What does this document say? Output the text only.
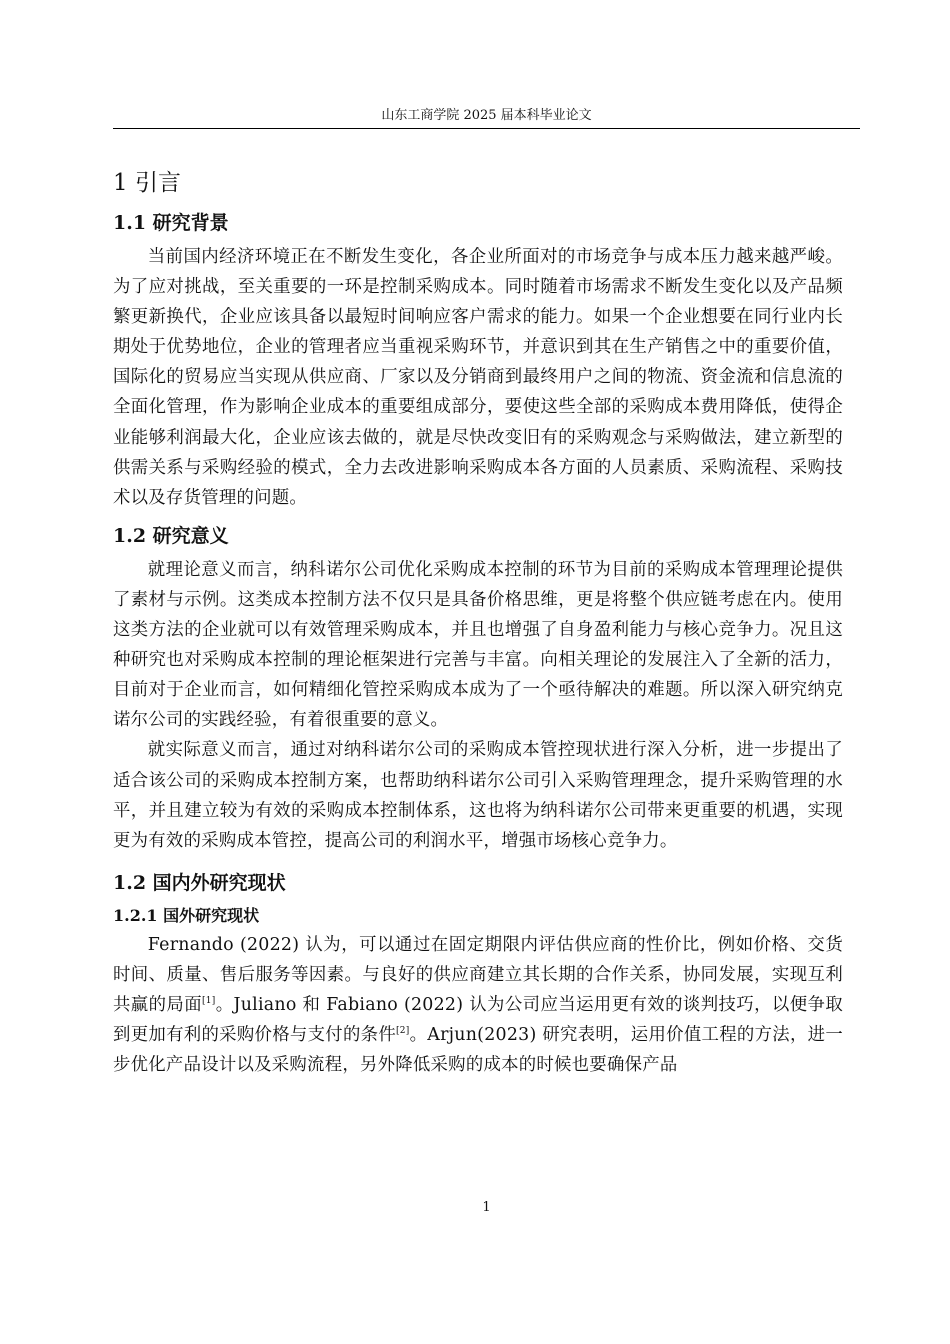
山东工商学院 2025 届本科毕业论文
1 引言
1.1 研究背景

当前国内经济环境正在不断发生变化，各企业所面对的市场竞争与成本压力越来越严峻。为了应对挑战，至关重要的一环是控制采购成本。同时随着市场需求不断发生变化以及产品频繁更新换代，企业应该具备以最短时间响应客户需求的能力。如果一个企业想要在同行业内长期处于优势地位，企业的管理者应当重视采购环节，并意识到其在生产销售之中的重要价值，国际化的贸易应当实现从供应商、厂家以及分销商到最终用户之间的物流、资金流和信息流的全面化管理，作为影响企业成本的重要组成部分，要使这些全部的采购成本费用降低，使得企业能够利润最大化，企业应该去做的，就是尽快改变旧有的采购观念与采购做法，建立新型的供需关系与采购经验的模式，全力去改进影响采购成本各方面的人员素质、采购流程、采购技术以及存货管理的问题。

1.2 研究意义

就理论意义而言，纳科诺尔公司优化采购成本控制的环节为目前的采购成本管理理论提供了素材与示例。这类成本控制方法不仅只是具备价格思维，更是将整个供应链考虑在内。使用这类方法的企业就可以有效管理采购成本，并且也增强了自身盈利能力与核心竞争力。况且这种研究也对采购成本控制的理论框架进行完善与丰富。向相关理论的发展注入了全新的活力，目前对于企业而言，如何精细化管控采购成本成为了一个亟待解决的难题。所以深入研究纳克诺尔公司的实践经验，有着很重要的意义。

就实际意义而言，通过对纳科诺尔公司的采购成本管控现状进行深入分析，进一步提出了适合该公司的采购成本控制方案，也帮助纳科诺尔公司引入采购管理理念，提升采购管理的水平，并且建立较为有效的采购成本控制体系，这也将为纳科诺尔公司带来更重要的机遇，实现更为有效的采购成本管控，提高公司的利润水平，增强市场核心竞争力。

1.2 国内外研究现状
1.2.1 国外研究现状

Fernando (2022) 认为，可以通过在固定期限内评估供应商的性价比，例如价格、交货时间、质量、售后服务等因素。与良好的供应商建立其长期的合作关系，协同发展，实现互利共赢的局面[1]。Juliano 和 Fabiano (2022) 认为公司应当运用更有效的谈判技巧，以便争取到更加有利的采购价格与支付的条件[2]。Arjun(2023) 研究表明，运用价值工程的方法，进一步优化产品设计以及采购流程，另外降低采购的成本的时候也要确保产品

1
